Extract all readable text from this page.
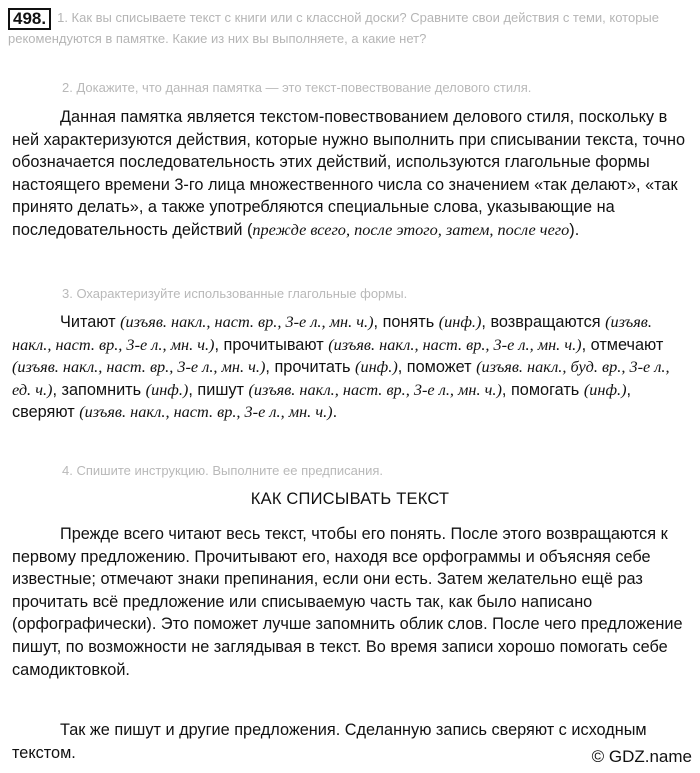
498. 1. Как вы списываете текст с книги или с классной доски? Сравните свои действия с теми, которые рекомендуются в памятке. Какие из них вы выполняете, а какие нет?
2. Докажите, что данная памятка — это текст-повествование делового стиля.

Данная памятка является текстом-повествованием делового стиля, поскольку в ней характеризуются действия, которые нужно выполнить при списывании текста, точно обозначается последовательность этих действий, используются глагольные формы настоящего времени 3-го лица множественного числа со значением «так делают», «так принято делать», а также употребляются специальные слова, указывающие на последовательность действий (прежде всего, после этого, затем, после чего).

3. Охарактеризуйте использованные глагольные формы.

Читают (изъяв. накл., наст. вр., 3-е л., мн. ч.), понять (инф.), возвращаются (изъяв. накл., наст. вр., 3-е л., мн. ч.), прочитывают (изъяв. накл., наст. вр., 3-е л., мн. ч.), отмечают (изъяв. накл., наст. вр., 3-е л., мн. ч.), прочитать (инф.), поможет (изъяв. накл., буд. вр., 3-е л., ед. ч.), запомнить (инф.), пишут (изъяв. накл., наст. вр., 3-е л., мн. ч.), помогать (инф.), сверяют (изъяв. накл., наст. вр., 3-е л., мн. ч.).

4. Спишите инструкцию. Выполните ее предписания.
КАК СПИСЫВАТЬ ТЕКСТ

Прежде всего читают весь текст, чтобы его понять. После этого возвращаются к первому предложению. Прочитывают его, находя все орфограммы и объясняя себе известные; отмечают знаки препинания, если они есть. Затем желательно ещё раз прочитать всё предложение или списываемую часть так, как было написано (орфографически). Это поможет лучше запомнить облик слов. После чего предложение пишут, по возможности не заглядывая в текст. Во время записи хорошо помогать себе самодиктовкой.

Так же пишут и другие предложения. Сделанную запись сверяют с исходным текстом.	© GDZ.name
